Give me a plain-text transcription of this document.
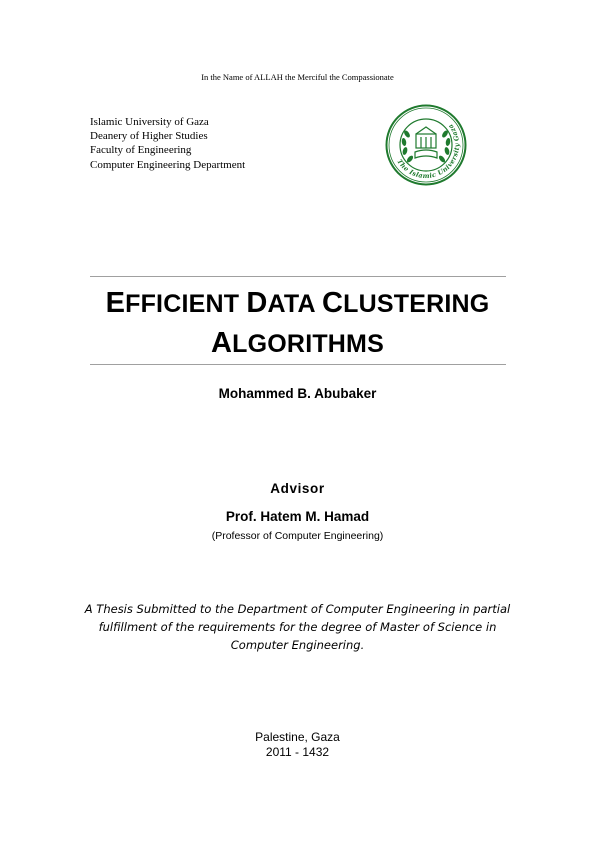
In the Name of ALLAH the Merciful the Compassionate
Islamic University of Gaza
Deanery of Higher Studies
Faculty of Engineering
Computer Engineering Department	The Islamic University Gaza
EFFICIENT DATA CLUSTERING
ALGORITHMS
Mohammed B. Abubaker
Advisor
Prof. Hatem M. Hamad
(Professor of Computer Engineering)
A Thesis Submitted to the Department of Computer Engineering in partial
fulfillment of the requirements for the degree of Master of Science in
Computer Engineering.
Palestine, Gaza
2011 - 1432
